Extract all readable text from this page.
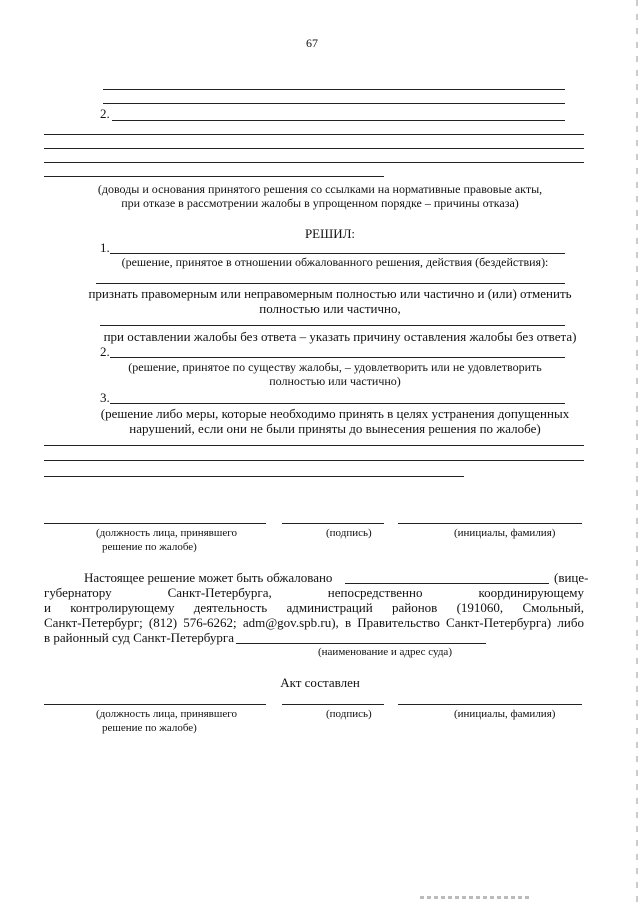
67
2.
(доводы и основания принятого решения со ссылками на нормативные правовые акты,
при отказе в рассмотрении жалобы в упрощенном порядке – причины отказа)
РЕШИЛ:
1.
(решение, принятое в отношении обжалованного решения, действия (бездействия):
признать правомерным или неправомерным полностью или частично и (или) отменить
полностью или частично,
при оставлении жалобы без ответа – указать причину оставления жалобы без ответа)
2.
(решение, принятое по существу жалобы, – удовлетворить или не удовлетворить
полностью или частично)
3.
(решение либо меры, которые необходимо принять в целях устранения допущенных
нарушений, если они не были приняты до вынесения решения по жалобе)
(должность лица, принявшего
решение по жалобе)
(подпись)	(инициалы, фамилия)
Настоящее решение может быть обжаловано	(вице-
губернатору Санкт-Петербурга, непосредственно координирующему
и контролирующему деятельность администраций районов (191060, Смольный,
Санкт-Петербург; (812) 576-6262; adm@gov.spb.ru), в Правительство Санкт-Петербурга) либо
в районный суд Санкт-Петербурга
(наименование и адрес суда)
Акт составлен
(должность лица, принявшего
решение по жалобе)
(подпись)	(инициалы, фамилия)
